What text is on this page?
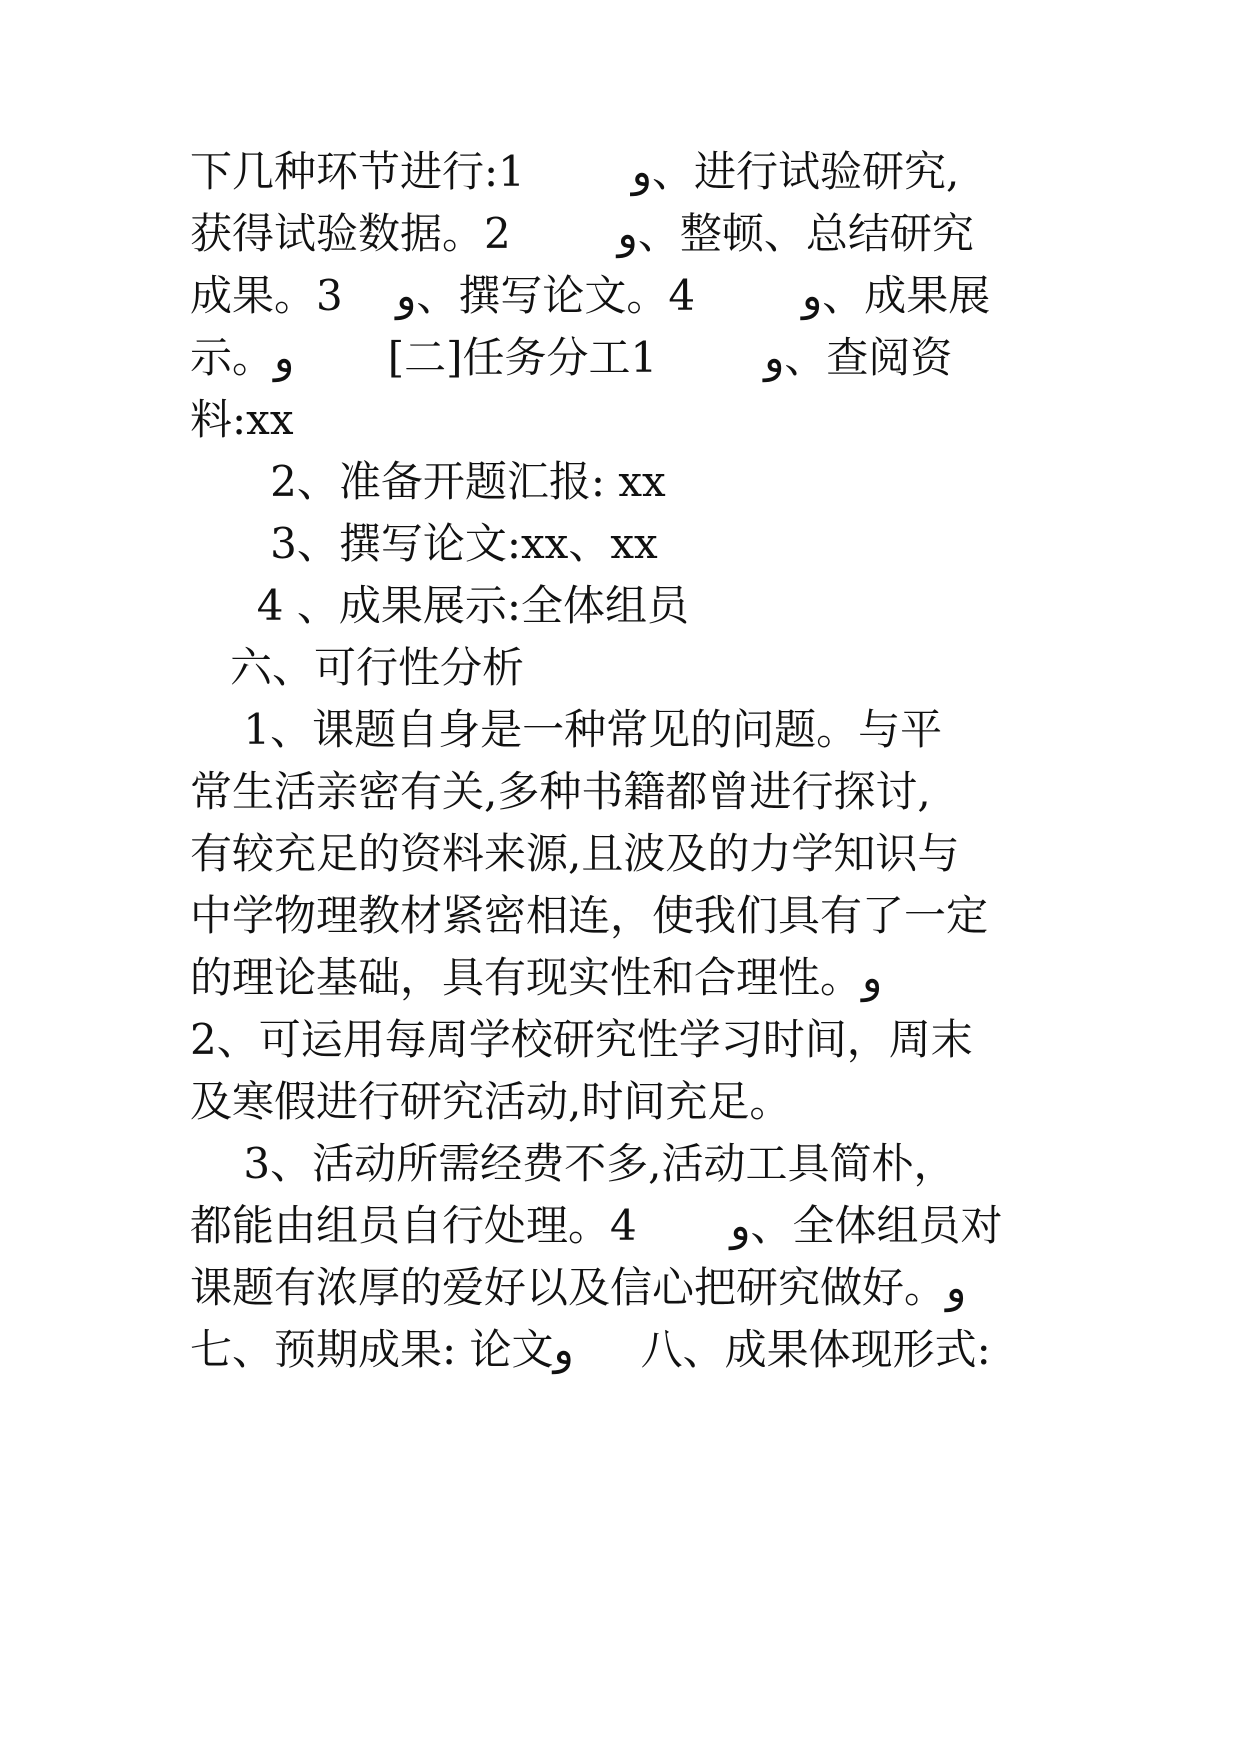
下几种环节进行:1        و、进行试验研究,
获得试验数据。2        و、整顿、总结研究
成果。3    و、撰写论文。4        و、成果展
示。و       [二]任务分工1        و、查阅资
料:xx
2、准备开题汇报: xx
3、撰写论文:xx、xx
4 、成果展示:全体组员
六、可行性分析
1、课题自身是一种常见的问题。与平
常生活亲密有关,多种书籍都曾进行探讨,
有较充足的资料来源,且波及的力学知识与
中学物理教材紧密相连，使我们具有了一定
的理论基础，具有现实性和合理性。و
2、可运用每周学校研究性学习时间，周末
及寒假进行研究活动,时间充足。
3、活动所需经费不多,活动工具简朴，
都能由组员自行处理。4       و、全体组员对
课题有浓厚的爱好以及信心把研究做好。و
七、预期成果: 论文و     八、成果体现形式:
